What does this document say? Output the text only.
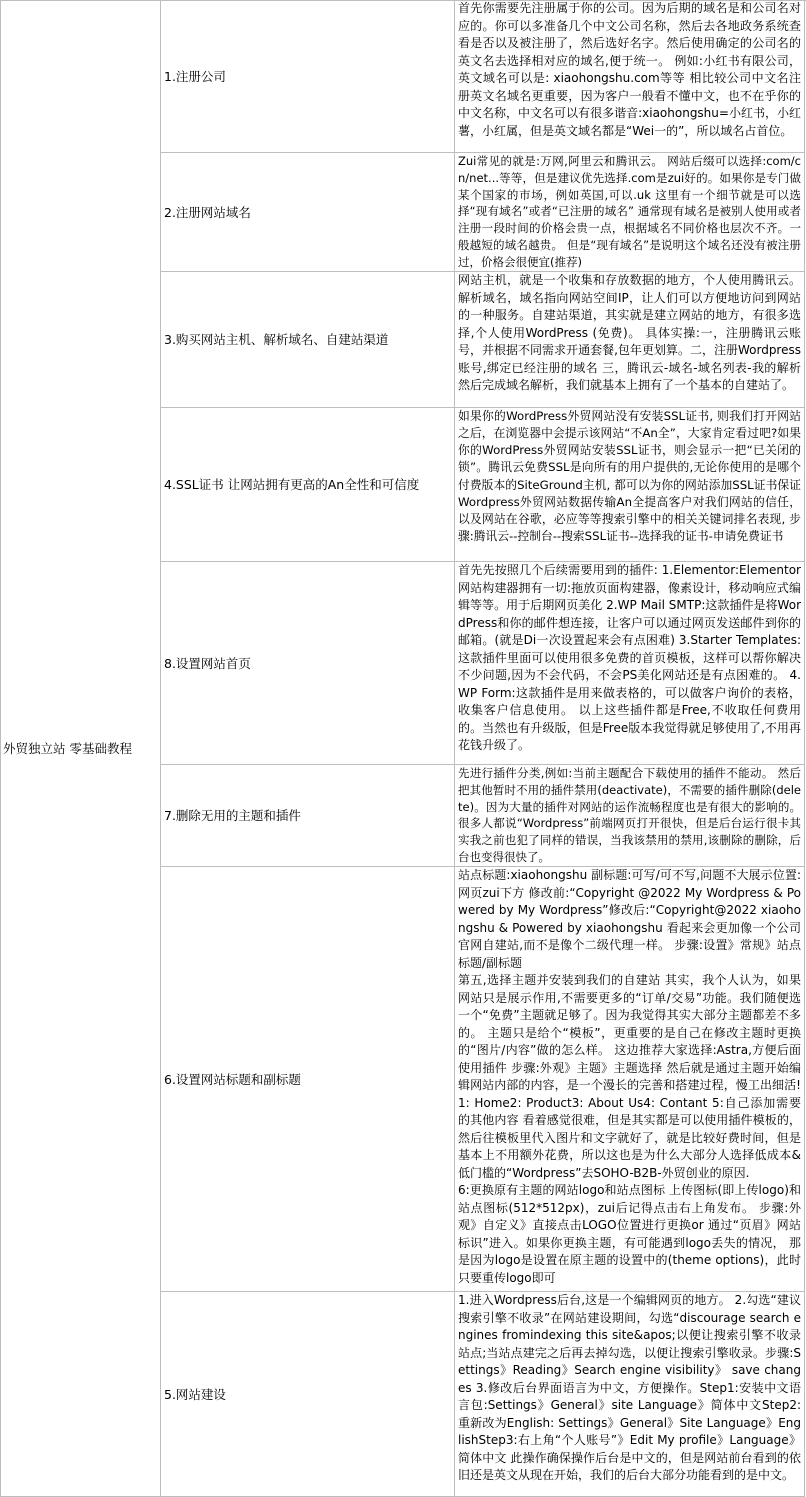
外贸独立站 零基础教程
1.注册公司
首先你需要先注册属于你的公司。因为后期的域名是和公司名对应的。你可以多准备几个中文公司名称，然后去各地政务系统查看是否以及被注册了，然后选好名字。然后使用确定的公司名的英文名去选择相对应的域名,便于统一。 例如:小红书有限公司，英文域名可以是: xiaohongshu.com等等 相比较公司中文名注册英文名域名更重要，因为客户一般看不懂中文，也不在乎你的中文名称，中文名可以有很多谐音:xiaohongshu=小红书，小红薯，小红属，但是英文域名都是“Wei一的”，所以域名占首位。
2.注册网站域名
Zui常见的就是:万网,阿里云和腾讯云。 网站后缀可以选择:com/cn/net...等等，但是建议优先选择.com是zui好的。如果你是专门做某个国家的市场，例如英国,可以.uk 这里有一个细节就是可以选择“现有域名”或者“已注册的域名” 通常现有域名是被别人使用或者注册一段时间的价格会贵一点，根据域名不同价格也层次不齐。一般越短的域名越贵。 但是“现有域名”是说明这个域名还没有被注册过，价格会很便宜(推荐)
3.购买网站主机、解析域名、自建站渠道
网站主机，就是一个收集和存放数据的地方，个人使用腾讯云。解析域名，域名指向网站空间IP，让人们可以方便地访问到网站的一种服务。自建站渠道，其实就是建立网站的地方，有很多选择,个人使用WordPress (免费)。 具体实操:一，注册腾讯云账号，并根据不同需求开通套餐,包年更划算。二，注册Wordpress账号,绑定已经注册的域名 三，腾讯云-域名-域名列表-我的解析然后完成域名解析，我们就基本上拥有了一个基本的自建站了。
4.SSL证书 让网站拥有更高的An全性和可信度
如果你的WordPress外贸网站没有安装SSL证书, 则我们打开网站之后，在浏览器中会提示该网站“不An全”，大家肯定看过吧?如果你的WordPress外贸网站安装SSL证书，则会显示一把“已关闭的锁”。腾讯云免费SSL是向所有的用户提供的,无论你使用的是哪个付费版本的SiteGround主机, 都可以为你的网站添加SSL证书保证Wordpress外贸网站数据传输An全提高客户对我们网站的信任，以及网站在谷歌，必应等等搜索引擎中的相关关键词排名表现, 步骤:腾讯云--控制台--搜索SSL证书--选择我的证书-申请免费证书
8.设置网站首页
首先先按照几个后续需要用到的插件: 1.Elementor:Elementor网站构建器拥有一切:拖放页面构建器，像素设计，移动响应式编辑等等。用于后期网页美化 2.WP Mail SMTP:这款插件是将WordPress和你的邮件想连接，让客户可以通过网页发送邮件到你的邮箱。(就是Di一次设置起来会有点困难) 3.Starter Templates:这款插件里面可以使用很多免费的首页模板，这样可以帮你解决不少问题,因为不会代码，不会PS美化网站还是有点困难的。 4.WP Form:这款插件是用来做表格的，可以做客户询价的表格，收集客户信息使用。 以上这些插件都是Free,不收取任何费用的。当然也有升级版，但是Free版本我觉得就足够使用了,不用再花钱升级了。
7.删除无用的主题和插件
先进行插件分类,例如:当前主题配合下载使用的插件不能动。 然后把其他暂时不用的插件禁用(deactivate)，不需要的插件删除(delete)。因为大量的插件对网站的运作流畅程度也是有很大的影响的。 很多人都说“Wordpress”前端网页打开很快，但是后台运行很卡其实我之前也犯了同样的错误，当我该禁用的禁用,该删除的删除，后台也变得很快了。
6.设置网站标题和副标题
站点标题:xiaohongshu 副标题:可写/可不写,问题不大展示位置:网页zui下方 修改前:“Copyright @2022 My Wordpress & Powered by My Wordpress”修改后:“Copyright@2022 xiaohongshu & Powered by xiaohongshu 看起来会更加像一个公司官网自建站,而不是像个二级代理一样。 步骤:设置》常规》站点标题/副标题
第五,选择主题并安装到我们的自建站 其实，我个人认为，如果网站只是展示作用,不需要更多的“订单/交易”功能。我们随便选一个“免费”主题就足够了。因为我觉得其实大部分主题都差不多的。 主题只是给个“模板”，更重要的是自己在修改主题时更换的“图片/内容”做的怎么样。 这边推荐大家选择:Astra,方便后面使用插件 步骤:外观》主题》主题选择 然后就是通过主题开始编辑网站内部的内容，是一个漫长的完善和搭建过程，慢工出细活! 1: Home2: Product3: About Us4: Contant 5:自己添加需要的其他内容 看着感觉很难，但是其实都是可以使用插件模板的，然后往模板里代入图片和文字就好了，就是比较好费时间，但是基本上不用额外花费，所以这也是为什么大部分人选择低成本&低门槛的“Wordpress”去SOHO-B2B-外贸创业的原因.
6:更换原有主题的网站logo和站点图标 上传图标(即上传logo)和站点图标(512*512px)，zui后记得点击右上角发布。 步骤:外观》自定义》直接点击LOGO位置进行更换or 通过“页眉》网站标识”进入。如果你更换主题，有可能遇到logo丢失的情况， 那是因为logo是设置在原主题的设置中的(theme options)，此时只要重传logo即可
5.网站建设
1.进入Wordpress后台,这是一个编辑网页的地方。 2.勾选“建议搜索引擎不收录”在网站建设期间，勾选“discourage search engines fromindexing this site&apos;以便让搜索引擎不收录站点;当站点建完之后再去掉勾选，以便让搜索引擎收录。步骤:Settings》Reading》Search engine visibility》 save changes 3.修改后台界面语言为中文，方便操作。Step1:安装中文语言包:Settings》General》site Language》简体中文Step2:重新改为English: Settings》General》Site Language》EnglishStep3:右上角“个人账号”》Edit My profile》Language》简体中文 此操作确保操作后台是中文的，但是网站前台看到的依旧还是英文从现在开始，我们的后台大部分功能看到的是中文。
